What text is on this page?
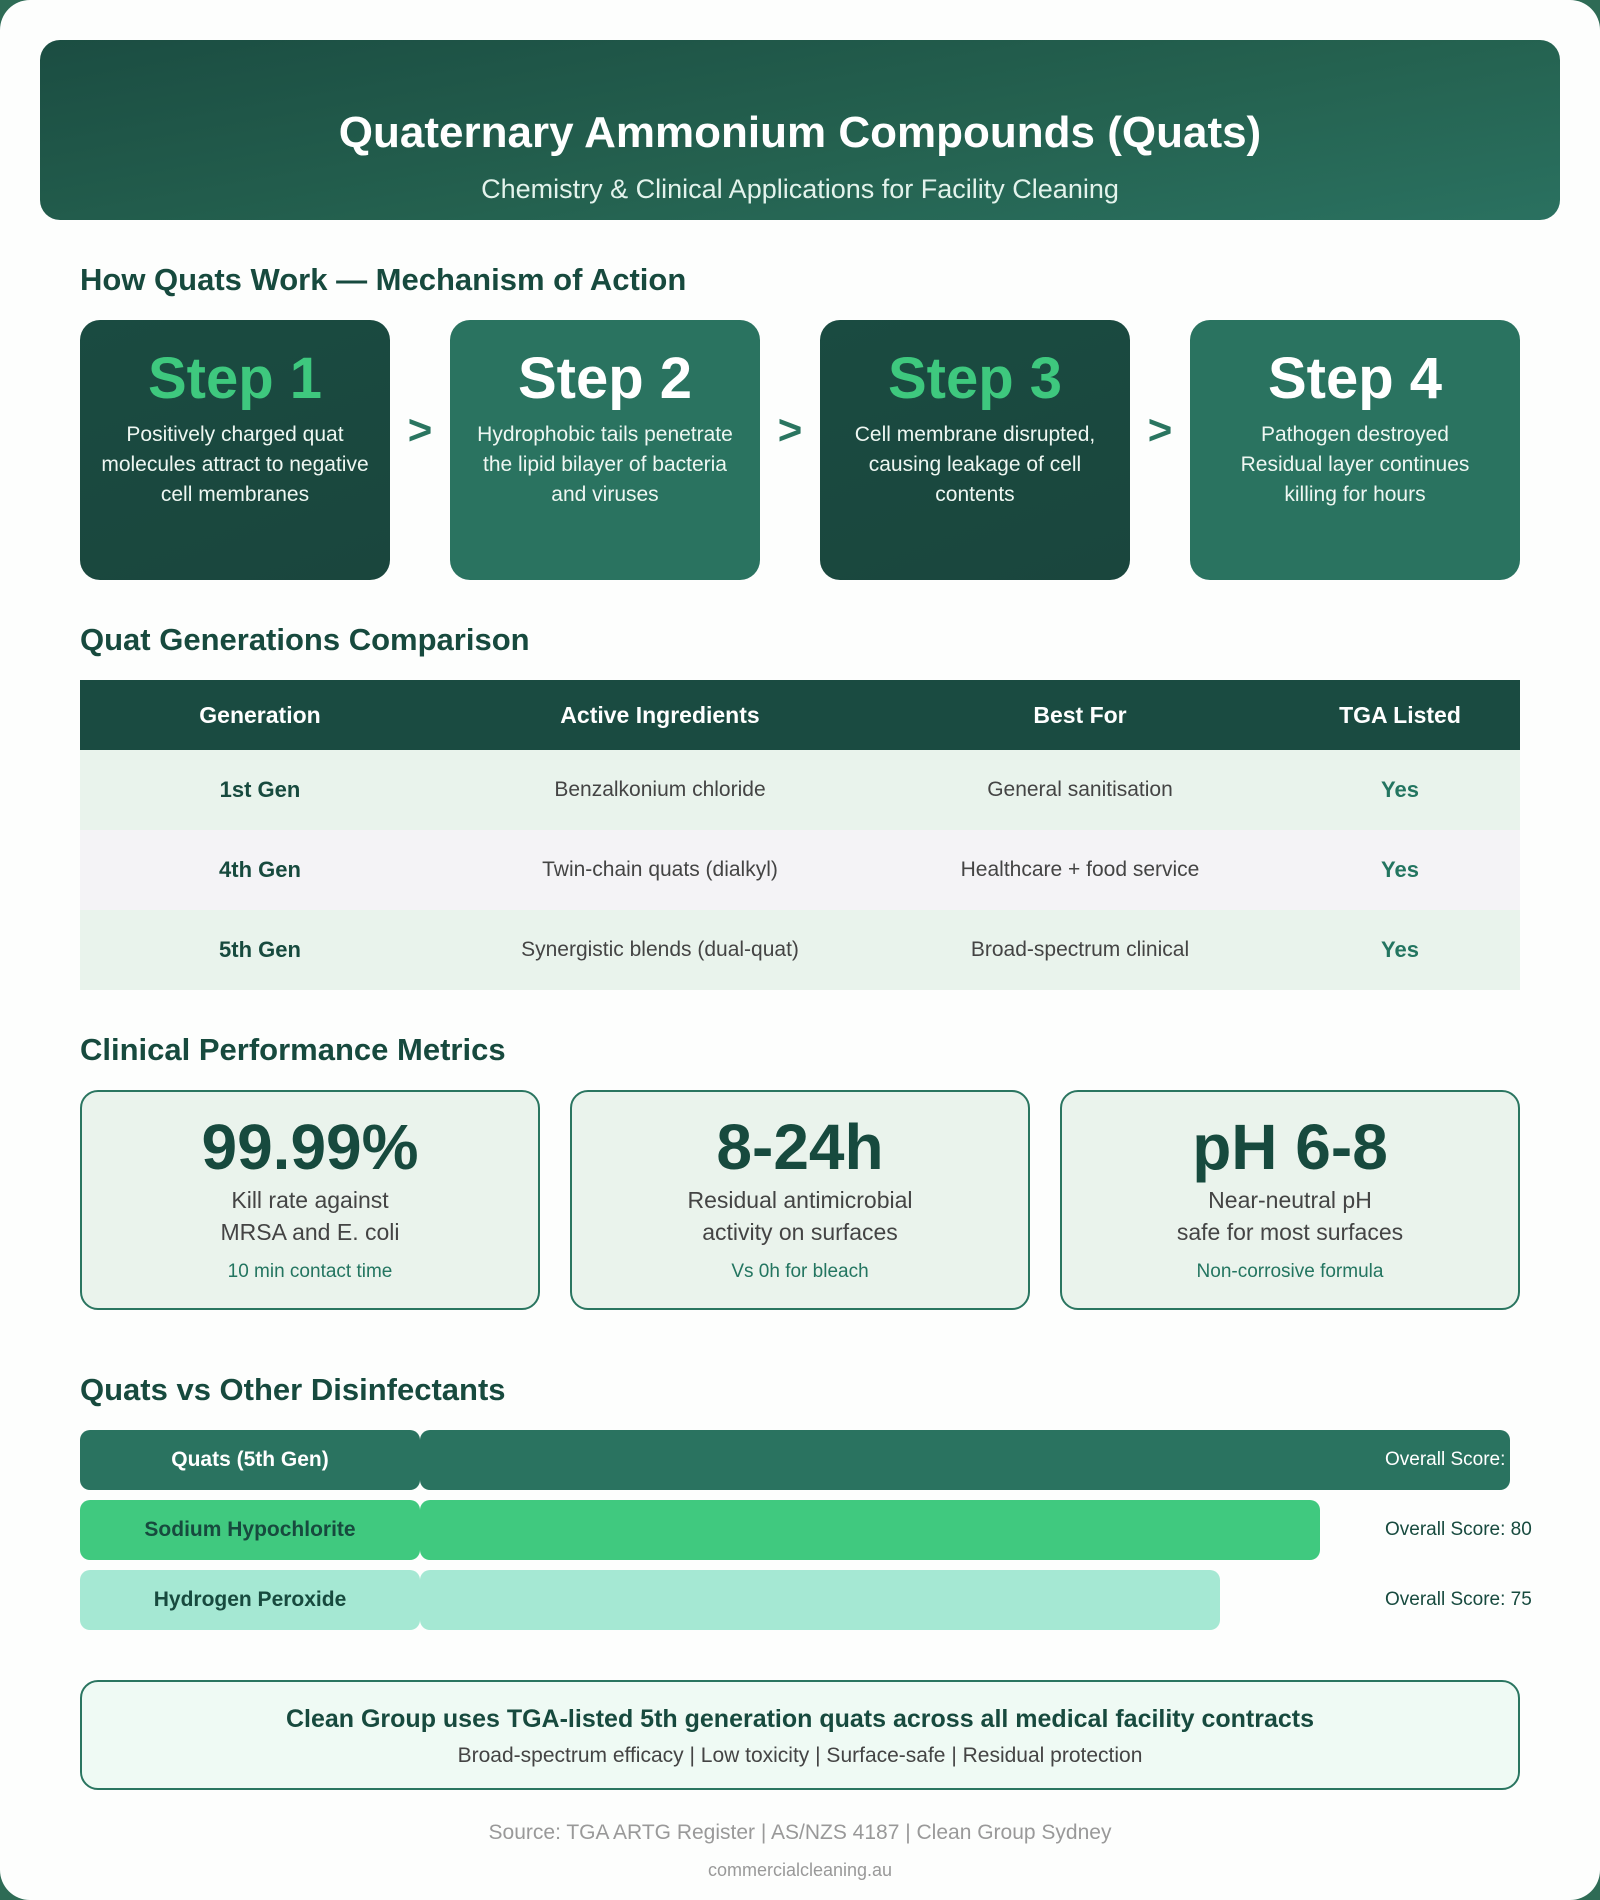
Quaternary Ammonium Compounds (Quats)
Chemistry & Clinical Applications for Facility Cleaning
How Quats Work — Mechanism of Action
Step 1
Positively charged quat molecules attract to negative cell membranes
>
Step 2
Hydrophobic tails penetrate the lipid bilayer of bacteria and viruses
>
Step 3
Cell membrane disrupted, causing leakage of cell contents
>
Step 4
Pathogen destroyed Residual layer continues killing for hours
Quat Generations Comparison
Generation	Active Ingredients	Best For	TGA Listed
1st Gen	Benzalkonium chloride	General sanitisation	Yes
4th Gen	Twin-chain quats (dialkyl)	Healthcare + food service	Yes
5th Gen	Synergistic blends (dual-quat)	Broad-spectrum clinical	Yes
Clinical Performance Metrics
99.99%
Kill rate against
MRSA and E. coli
10 min contact time
8-24h
Residual antimicrobial
activity on surfaces
Vs 0h for bleach
pH 6-8
Near-neutral pH
safe for most surfaces
Non-corrosive formula
Quats vs Other Disinfectants
Quats (5th Gen)	Overall Score:
Sodium Hypochlorite	Overall Score: 80
Hydrogen Peroxide	Overall Score: 75
Clean Group uses TGA-listed 5th generation quats across all medical facility contracts
Broad-spectrum efficacy | Low toxicity | Surface-safe | Residual protection
Source: TGA ARTG Register | AS/NZS 4187 | Clean Group Sydney
commercialcleaning.au
